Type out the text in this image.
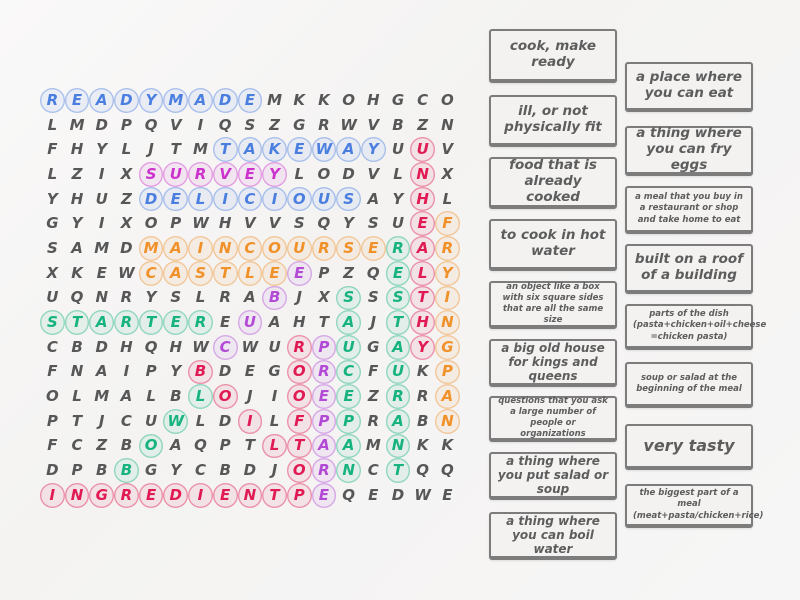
R E A D Y M A D E M K K O H G C O
L M D P Q V	I	Q S Z G R W V B Z N
F H Y L	J	T M T A K E W A Y U U V
L Z	I	X S U R V E Y L O D V L N X
Y H U Z D E L	I	C	I	O U S A Y H L
G Y	I	X O P W H V V S Q Y S U E F
S A M D M A	I	N C O U R S E R A R
X K E W C A S T L E E P Z Q E L Y
U Q N R Y S L R A B	J	X S S S T	I
S T A R T E R E U A H T A	J	T H N
C B D H Q H W C W U R P U G A Y G
F N A	I	P Y B D E G O R C F U K P
O L M A L B L O	J	I	O E E Z R R A
P T	J	C U W L D	I	L F P P R A B N
F C Z B O A Q P T L T A A M N K K
D P B B G Y C B D	J	O R N C T Q Q
I	N G R E D	I	E N T P E Q E D W E
cook, make ready
ill, or not physically fit
food that is already cooked
to cook in hot water
an object like a box with six square sides that are all the same size
a big old house for kings and queens
questions that you ask a large number of people or organizations
a thing where you put salad or soup
a thing where you can boil water
a place where you can eat
a thing where you can fry eggs
a meal that you buy in a restaurant or shop and take home to eat
built on a roof of a building
parts of the dish (pasta+chicken+oil+cheese =chicken pasta)
soup or salad at the beginning of the meal
very tasty
the biggest part of a meal (meat+pasta/chicken+rice)
